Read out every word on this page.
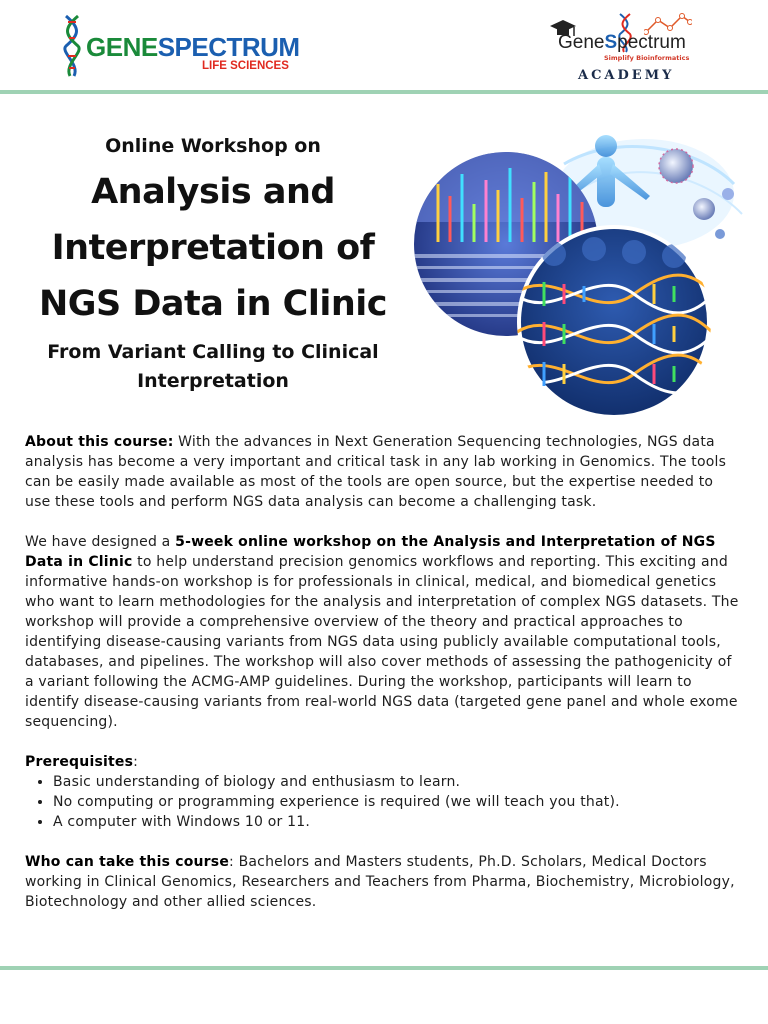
GENESPECTRUM
LIFE SCIENCES
GeneSpectrum
Simplify Bioinformatics
ACADEMY

Online Workshop on

Analysis and

Interpretation of

NGS Data in Clinic

From Variant Calling to Clinical Interpretation

About this course: With the advances in Next Generation Sequencing technologies, NGS data analysis has become a very important and critical task in any lab working in Genomics. The tools can be easily made available as most of the tools are open source, but the expertise needed to use these tools and perform NGS data analysis can become a challenging task.

We have designed a 5-week online workshop on the Analysis and Interpretation of NGS Data in Clinic to help understand precision genomics workflows and reporting. This exciting and informative hands-on workshop is for professionals in clinical, medical, and biomedical genetics who want to learn methodologies for the analysis and interpretation of complex NGS datasets. The workshop will provide a comprehensive overview of the theory and practical approaches to identifying disease-causing variants from NGS data using publicly available computational tools, databases, and pipelines. The workshop will also cover methods of assessing the pathogenicity of a variant following the ACMG-AMP guidelines. During the workshop, participants will learn to identify disease-causing variants from real-world NGS data (targeted gene panel and whole exome sequencing).

Prerequisites:
• Basic understanding of biology and enthusiasm to learn.
• No computing or programming experience is required (we will teach you that).
• A computer with Windows 10 or 11.

Who can take this course: Bachelors and Masters students, Ph.D. Scholars, Medical Doctors working in Clinical Genomics, Researchers and Teachers from Pharma, Biochemistry, Microbiology, Biotechnology and other allied sciences.
